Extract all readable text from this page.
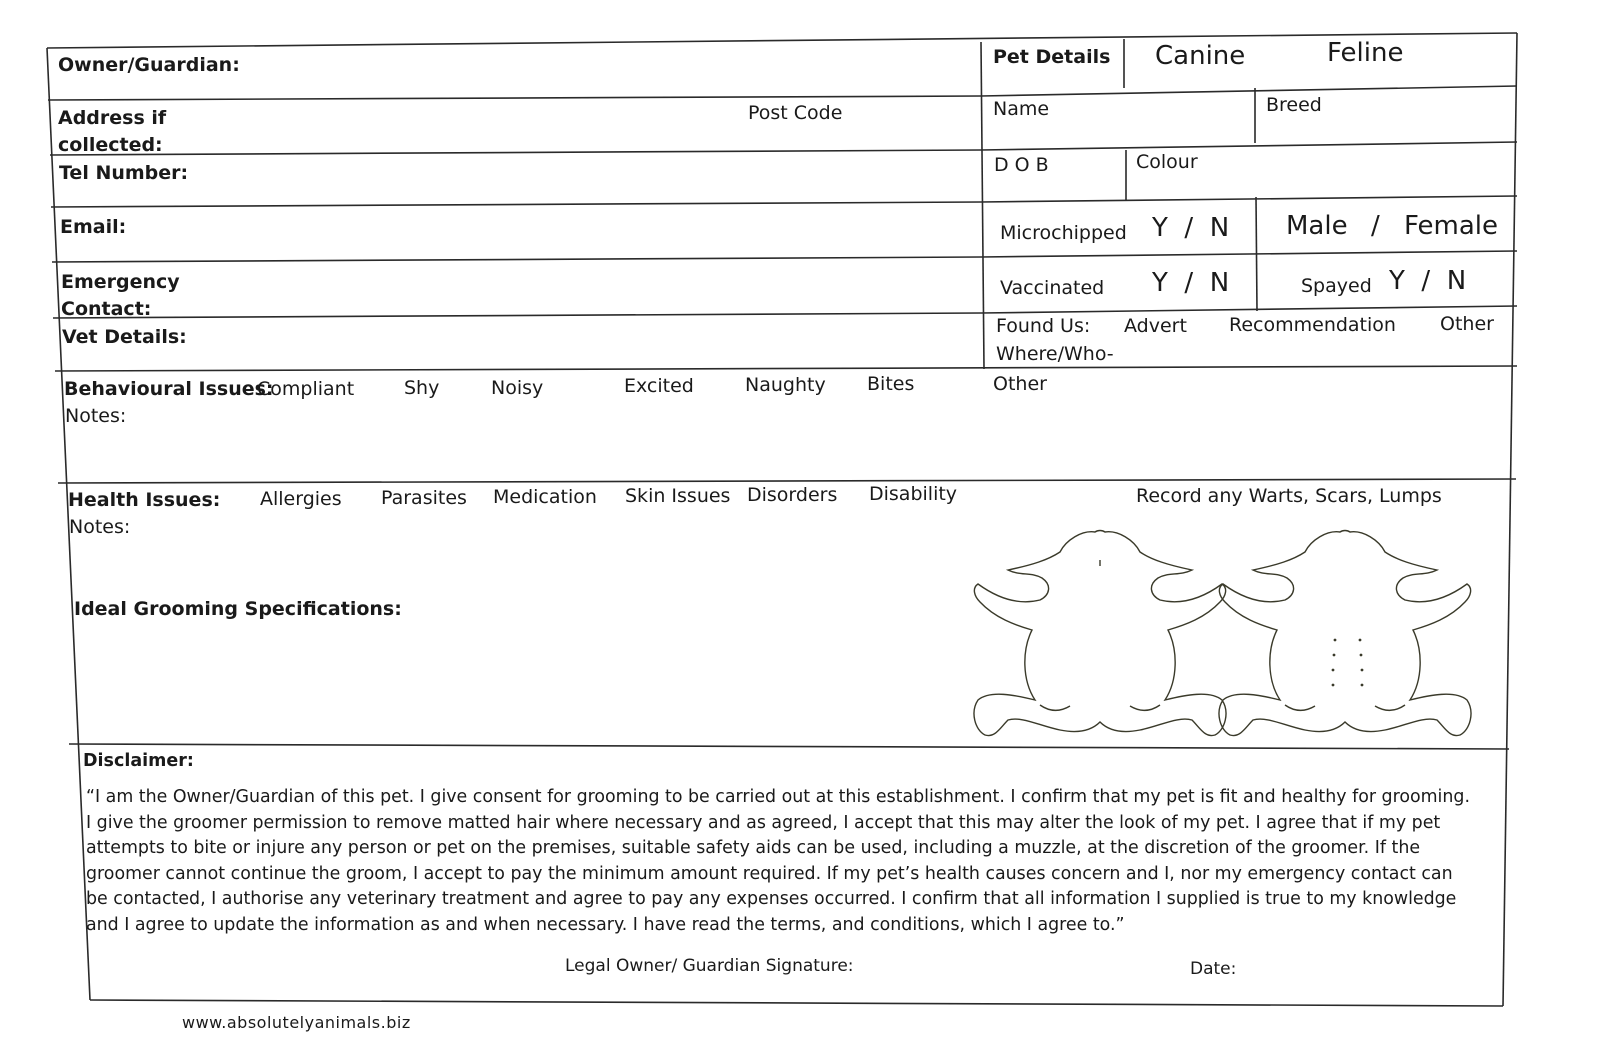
Owner/Guardian:
Address if
collected:
Post Code
Tel Number:
Email:
Emergency
Contact:
Vet Details:
Pet Details Canine	Feline
Name	Breed
D O B	Colour
Microchipped Y  /  N Male / Female
Vaccinated Y  /  N	Spayed Y  /  N
Found Us: Advert Recommendation Other
Where/Who-
Behavioural Issues:
Compliant	Shy	Noisy	Excited	Naughty Bites	Other
Notes:
Health Issues: Allergies Parasites Medication Skin Issues Disorders Disability	Record any Warts, Scars, Lumps
Notes:
Ideal Grooming Specifications:
Disclaimer:
“I am the Owner/Guardian of this pet. I give consent for grooming to be carried out at this establishment. I confirm that my pet is fit and healthy for grooming.
I give the groomer permission to remove matted hair where necessary and as agreed, I accept that this may alter the look of my pet. I agree that if my pet
attempts to bite or injure any person or pet on the premises, suitable safety aids can be used, including a muzzle, at the discretion of the groomer. If the
groomer cannot continue the groom, I accept to pay the minimum amount required. If my pet’s health causes concern and I, nor my emergency contact can
be contacted, I authorise any veterinary treatment and agree to pay any expenses occurred. I confirm that all information I supplied is true to my knowledge
and I agree to update the information as and when necessary. I have read the terms, and conditions, which I agree to.”
Legal Owner/ Guardian Signature:	Date:
www.absolutelyanimals.biz
